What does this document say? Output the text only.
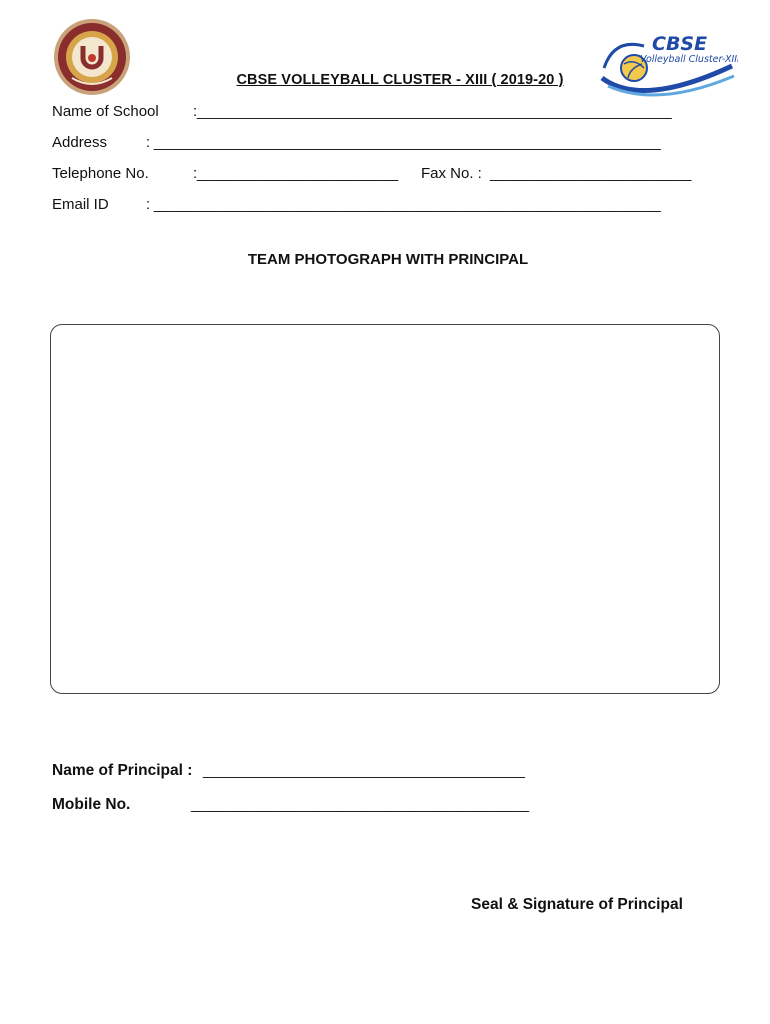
CBSE
Volleyball Cluster-XIII
CBSE VOLLEYBALL CLUSTER - XIII ( 2019-20 )
Name of School :___________________________________________________________
Address	: _______________________________________________________________
Telephone No.	:_________________________ Fax No. : _________________________
Email ID : _______________________________________________________________
TEAM PHOTOGRAPH WITH PRINCIPAL
Name of Principal : ________________________________________
Mobile No.	__________________________________________
Seal & Signature of Principal
